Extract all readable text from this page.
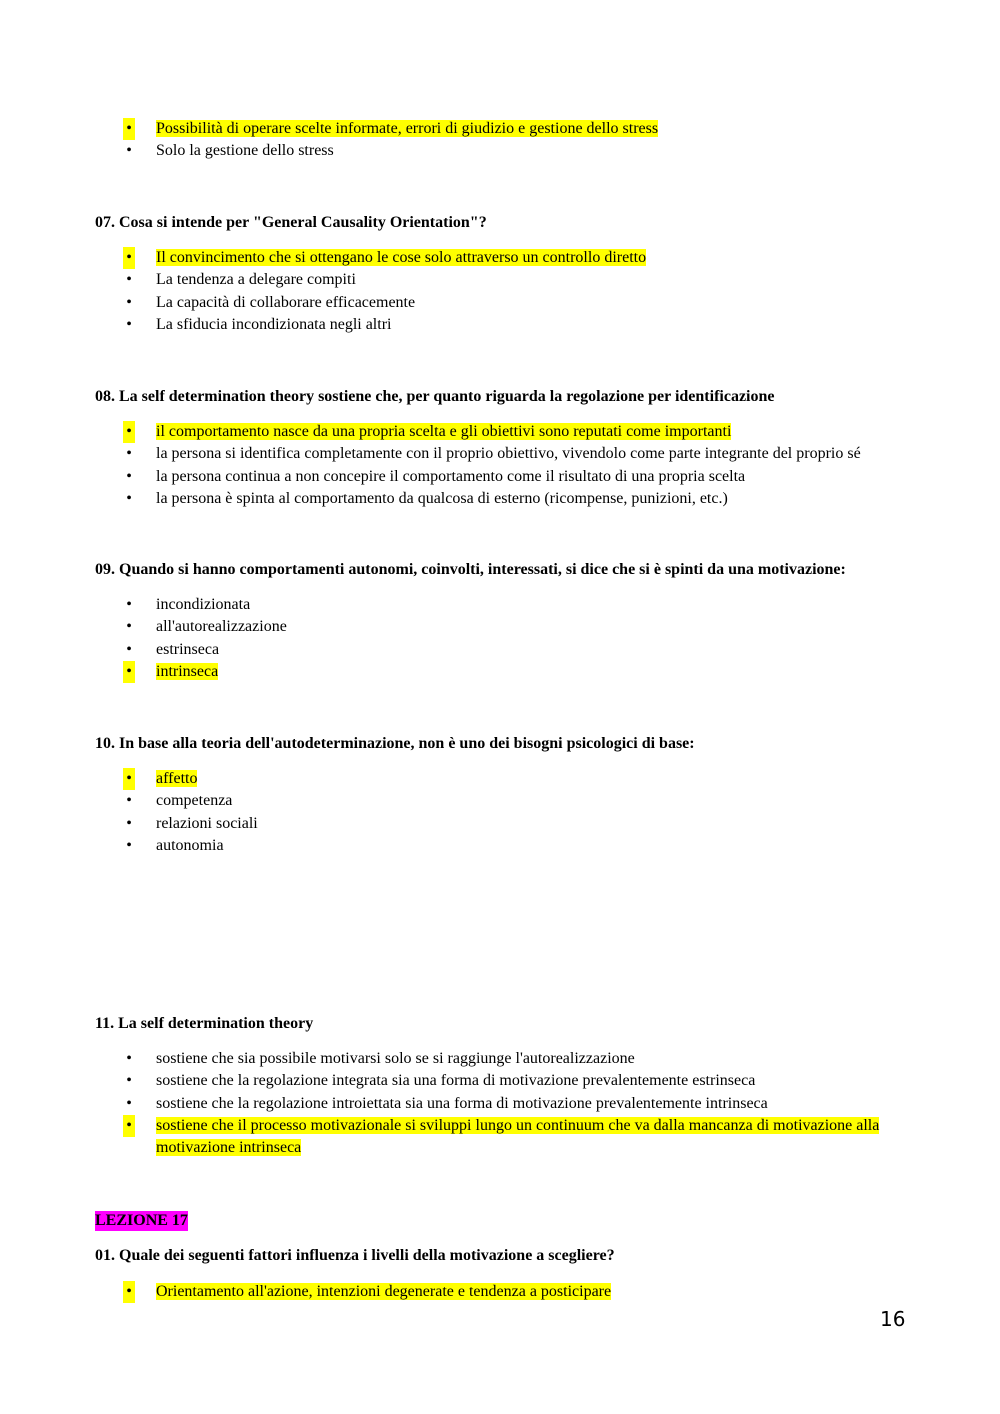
• Possibilità di operare scelte informate, errori di giudizio e gestione dello stress
• Solo la gestione dello stress

07. Cosa si intende per "General Causality Orientation"?

• Il convincimento che si ottengano le cose solo attraverso un controllo diretto
• La tendenza a delegare compiti
• La capacità di collaborare efficacemente
• La sfiducia incondizionata negli altri

08. La self determination theory sostiene che, per quanto riguarda la regolazione per identificazione

• il comportamento nasce da una propria scelta e gli obiettivi sono reputati come importanti
• la persona si identifica completamente con il proprio obiettivo, vivendolo come parte integrante del proprio sé
• la persona continua a non concepire il comportamento come il risultato di una propria scelta
• la persona è spinta al comportamento da qualcosa di esterno (ricompense, punizioni, etc.)

09. Quando si hanno comportamenti autonomi, coinvolti, interessati, si dice che si è spinti da una motivazione:

• incondizionata
• all'autorealizzazione
• estrinseca
• intrinseca

10. In base alla teoria dell'autodeterminazione, non è uno dei bisogni psicologici di base:

• affetto
• competenza
• relazioni sociali
• autonomia

11. La self determination theory

• sostiene che sia possibile motivarsi solo se si raggiunge l'autorealizzazione
• sostiene che la regolazione integrata sia una forma di motivazione prevalentemente estrinseca
• sostiene che la regolazione introiettata sia una forma di motivazione prevalentemente intrinseca
• sostiene che il processo motivazionale si sviluppi lungo un continuum che va dalla mancanza di motivazione alla motivazione intrinseca
LEZIONE 17

01. Quale dei seguenti fattori influenza i livelli della motivazione a scegliere?

• Orientamento all'azione, intenzioni degenerate e tendenza a posticipare
16
